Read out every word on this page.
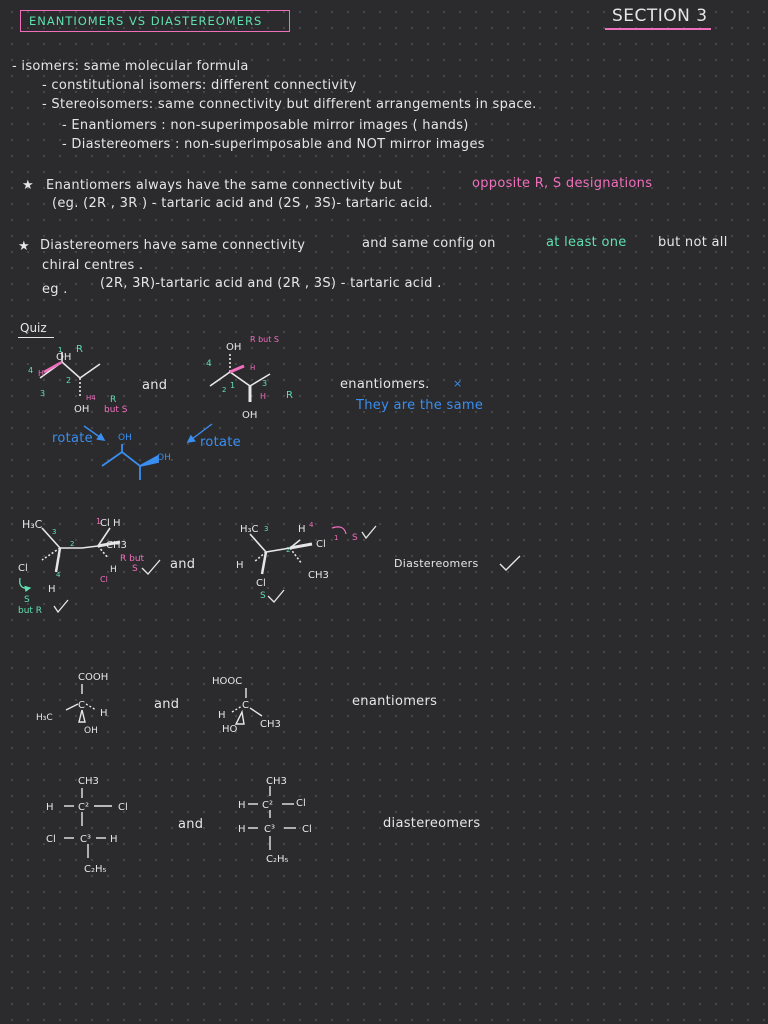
ENANTIOMERS VS DIASTEREOMERS	SECTION 3
- isomers: same molecular formula
- constitutional isomers: different connectivity
- Stereoisomers: same connectivity but different arrangements in space.
- Enantiomers : non-superimposable mirror images ( hands)
- Diastereomers : non-superimposable and NOT mirror images
★ Enantiomers always have the same connectivity but	opposite R, S designations
(eg. (2R , 3R ) - tartaric acid and (2S , 3S)- tartaric acid.
★ Diastereomers have same connectivity	and same config on	at least one but not all
chiral centres .
eg . (2R, 3R)-tartaric acid and (2R , 3S) - tartaric acid .
Quiz
and	enantiomers. ×
They are the same
rotate	rotate
and	Diastereomers
and	enantiomers
and	diastereomers
OH
R
4 H
3
2
1
H4 R
but S
OH
OH
R but S
4	H
3
1
H R
OH
2
OH
OH
H₃C	1
Cl H
3
2	CH3
R but
S
H
Cl
Cl
4
H
S
but R
H₃C 3	H 4
Cl
1 S
H
2
CH3
Cl
S
COOH
C
H
H₃C
OH
HOOC
C
H
HO CH3
CH3
H C²	Cl
Cl C³ H
C₂H₅
CH3
H C² Cl
H C³	Cl
C₂H₅
